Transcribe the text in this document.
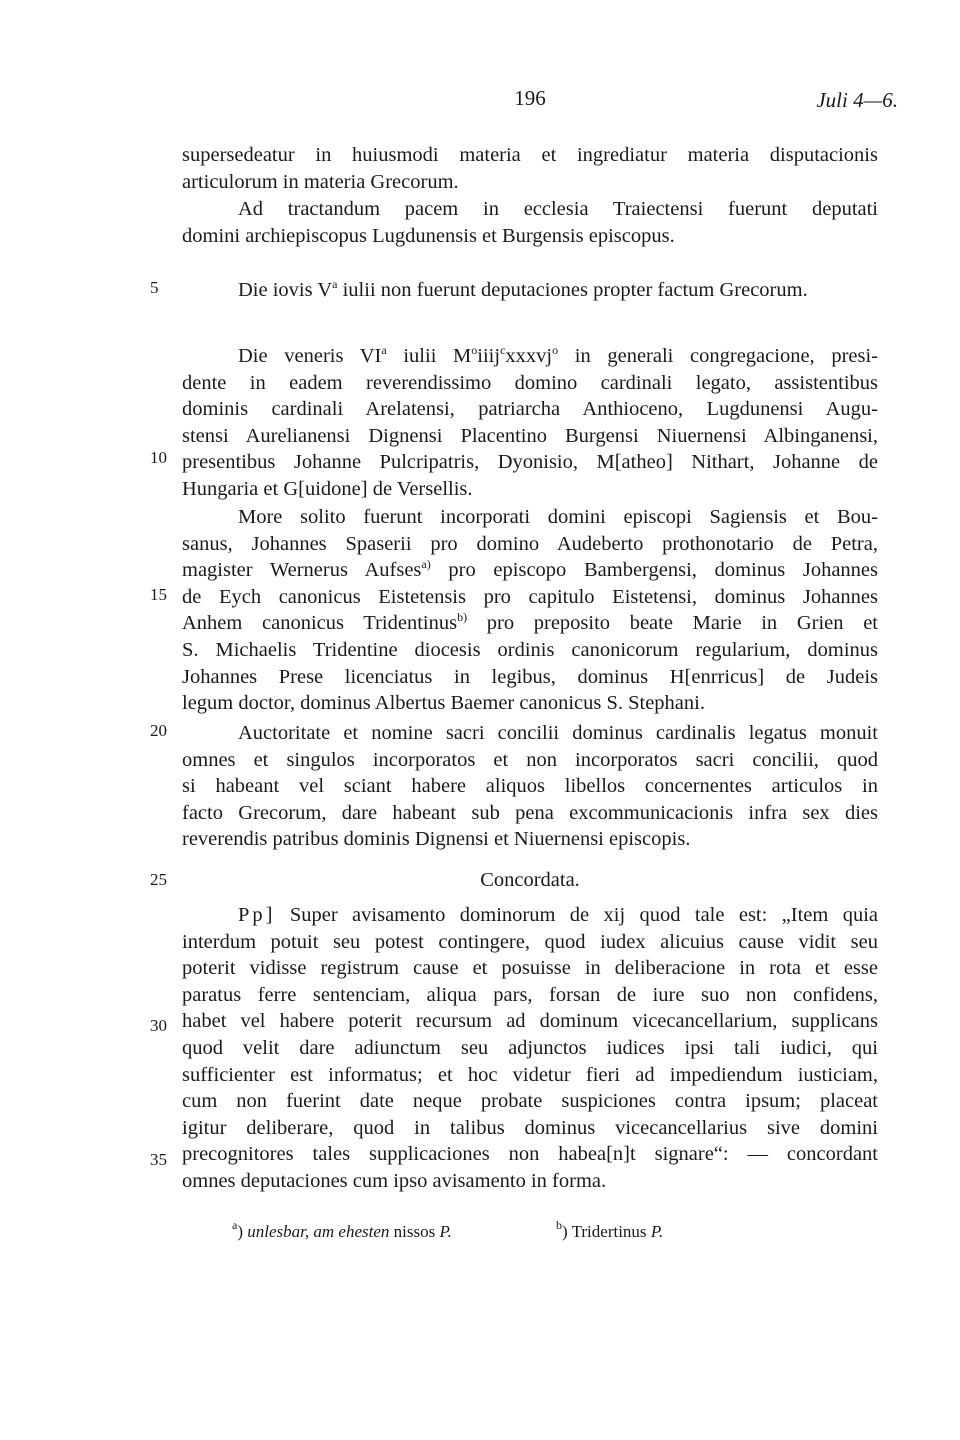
196	Juli 4—6.
5
10
15
20
25
30
35
supersedeatur in huiusmodi materia et ingrediatur materia disputacionis
articulorum in materia Grecorum.
Ad tractandum pacem in ecclesia Traiectensi fuerunt deputati
domini archiepiscopus Lugdunensis et Burgensis episcopus.
Die iovis $V^a$ iulii non fuerunt deputaciones propter factum Grecorum.
Die veneris $VI^a$ iulii $M^oiiij^cxxxvj^o$ in generali congregacione, presi-
dente in eadem reverendissimo domino cardinali legato, assistentibus
dominis cardinali Arelatensi, patriarcha Anthioceno, Lugdunensi Augu-
stensi Aurelianensi Dignensi Placentino Burgensi Niuernensi Albinganensi,
presentibus Johanne Pulcripatris, Dyonisio, M[atheo] Nithart, Johanne de
Hungaria et G[uidone] de Versellis.
More solito fuerunt incorporati domini episcopi Sagiensis et Bou-
sanus, Johannes Spaserii pro domino Audeberto prothonotario de Petra,
magister Wernerus Aufses$^{a)}$ pro episcopo Bambergensi, dominus Johannes
de Eych canonicus Eistetensis pro capitulo Eistetensi, dominus Johannes
Anhem canonicus Tridentinus$^{b)}$ pro preposito beate Marie in Grien et
S. Michaelis Tridentine diocesis ordinis canonicorum regularium, dominus
Johannes Prese licenciatus in legibus, dominus H[enrricus] de Judeis
legum doctor, dominus Albertus Baemer canonicus S. Stephani.
Auctoritate et nomine sacri concilii dominus cardinalis legatus monuit
omnes et singulos incorporatos et non incorporatos sacri concilii, quod
si habeant vel sciant habere aliquos libellos concernentes articulos in
facto Grecorum, dare habeant sub pena excommunicacionis infra sex dies
reverendis patribus dominis Dignensi et Niuernensi episcopis.
Concordata.
Pp] Super avisamento dominorum de xij quod tale est: „Item quia
interdum potuit seu potest contingere, quod iudex alicuius cause vidit seu
poterit vidisse registrum cause et posuisse in deliberacione in rota et esse
paratus ferre sentenciam, aliqua pars, forsan de iure suo non confidens,
habet vel habere poterit recursum ad dominum vicecancellarium, supplicans
quod velit dare adiunctum seu adjunctos iudices ipsi tali iudici, qui
sufficienter est informatus; et hoc videtur fieri ad impediendum iusticiam,
cum non fuerint date neque probate suspiciones contra ipsum; placeat
igitur deliberare, quod in talibus dominus vicecancellarius sive domini
precognitores tales supplicaciones non habea[n]t signare“: — concordant
omnes deputaciones cum ipso avisamento in forma.
$^a$) unlesbar, am ehesten nissos P.	$^b$) Tridertinus P.
